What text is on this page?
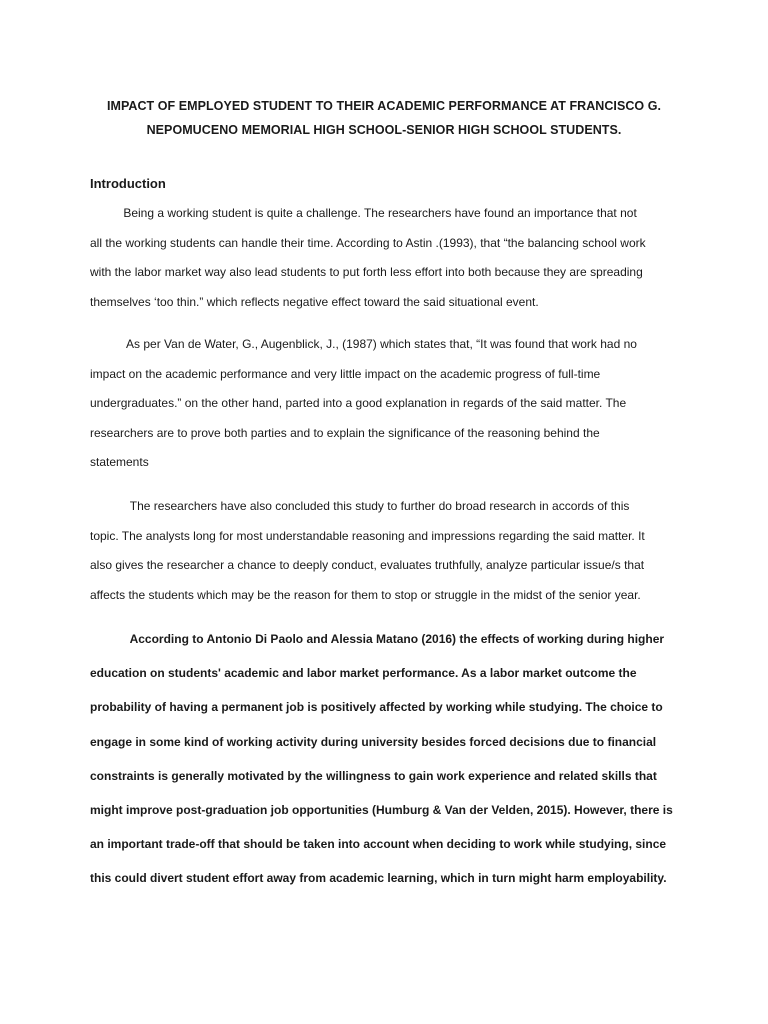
IMPACT OF EMPLOYED STUDENT TO THEIR ACADEMIC PERFORMANCE AT FRANCISCO G.
NEPOMUCENO MEMORIAL HIGH SCHOOL-SENIOR HIGH SCHOOL STUDENTS.
Introduction

Being a working student is quite a challenge. The researchers have found an importance that not
all the working students can handle their time. According to Astin .(1993), that “the balancing school work
with the labor market way also lead students to put forth less effort into both because they are spreading
themselves ‘too thin.” which reflects negative effect toward the said situational event.

As per Van de Water, G., Augenblick, J., (1987) which states that, “It was found that work had no
impact on the academic performance and very little impact on the academic progress of full-time
undergraduates.” on the other hand, parted into a good explanation in regards of the said matter. The
researchers are to prove both parties and to explain the significance of the reasoning behind the
statements

The researchers have also concluded this study to further do broad research in accords of this
topic. The analysts long for most understandable reasoning and impressions regarding the said matter. It
also gives the researcher a chance to deeply conduct, evaluates truthfully, analyze particular issue/s that
affects the students which may be the reason for them to stop or struggle in the midst of the senior year.

According to Antonio Di Paolo and Alessia Matano (2016) the effects of working during higher
education on students' academic and labor market performance. As a labor market outcome the
probability of having a permanent job is positively affected by working while studying. The choice to
engage in some kind of working activity during university besides forced decisions due to financial
constraints is generally motivated by the willingness to gain work experience and related skills that
might improve post-graduation job opportunities (Humburg & Van der Velden, 2015). However, there is
an important trade-off that should be taken into account when deciding to work while studying, since
this could divert student effort away from academic learning, which in turn might harm employability.
